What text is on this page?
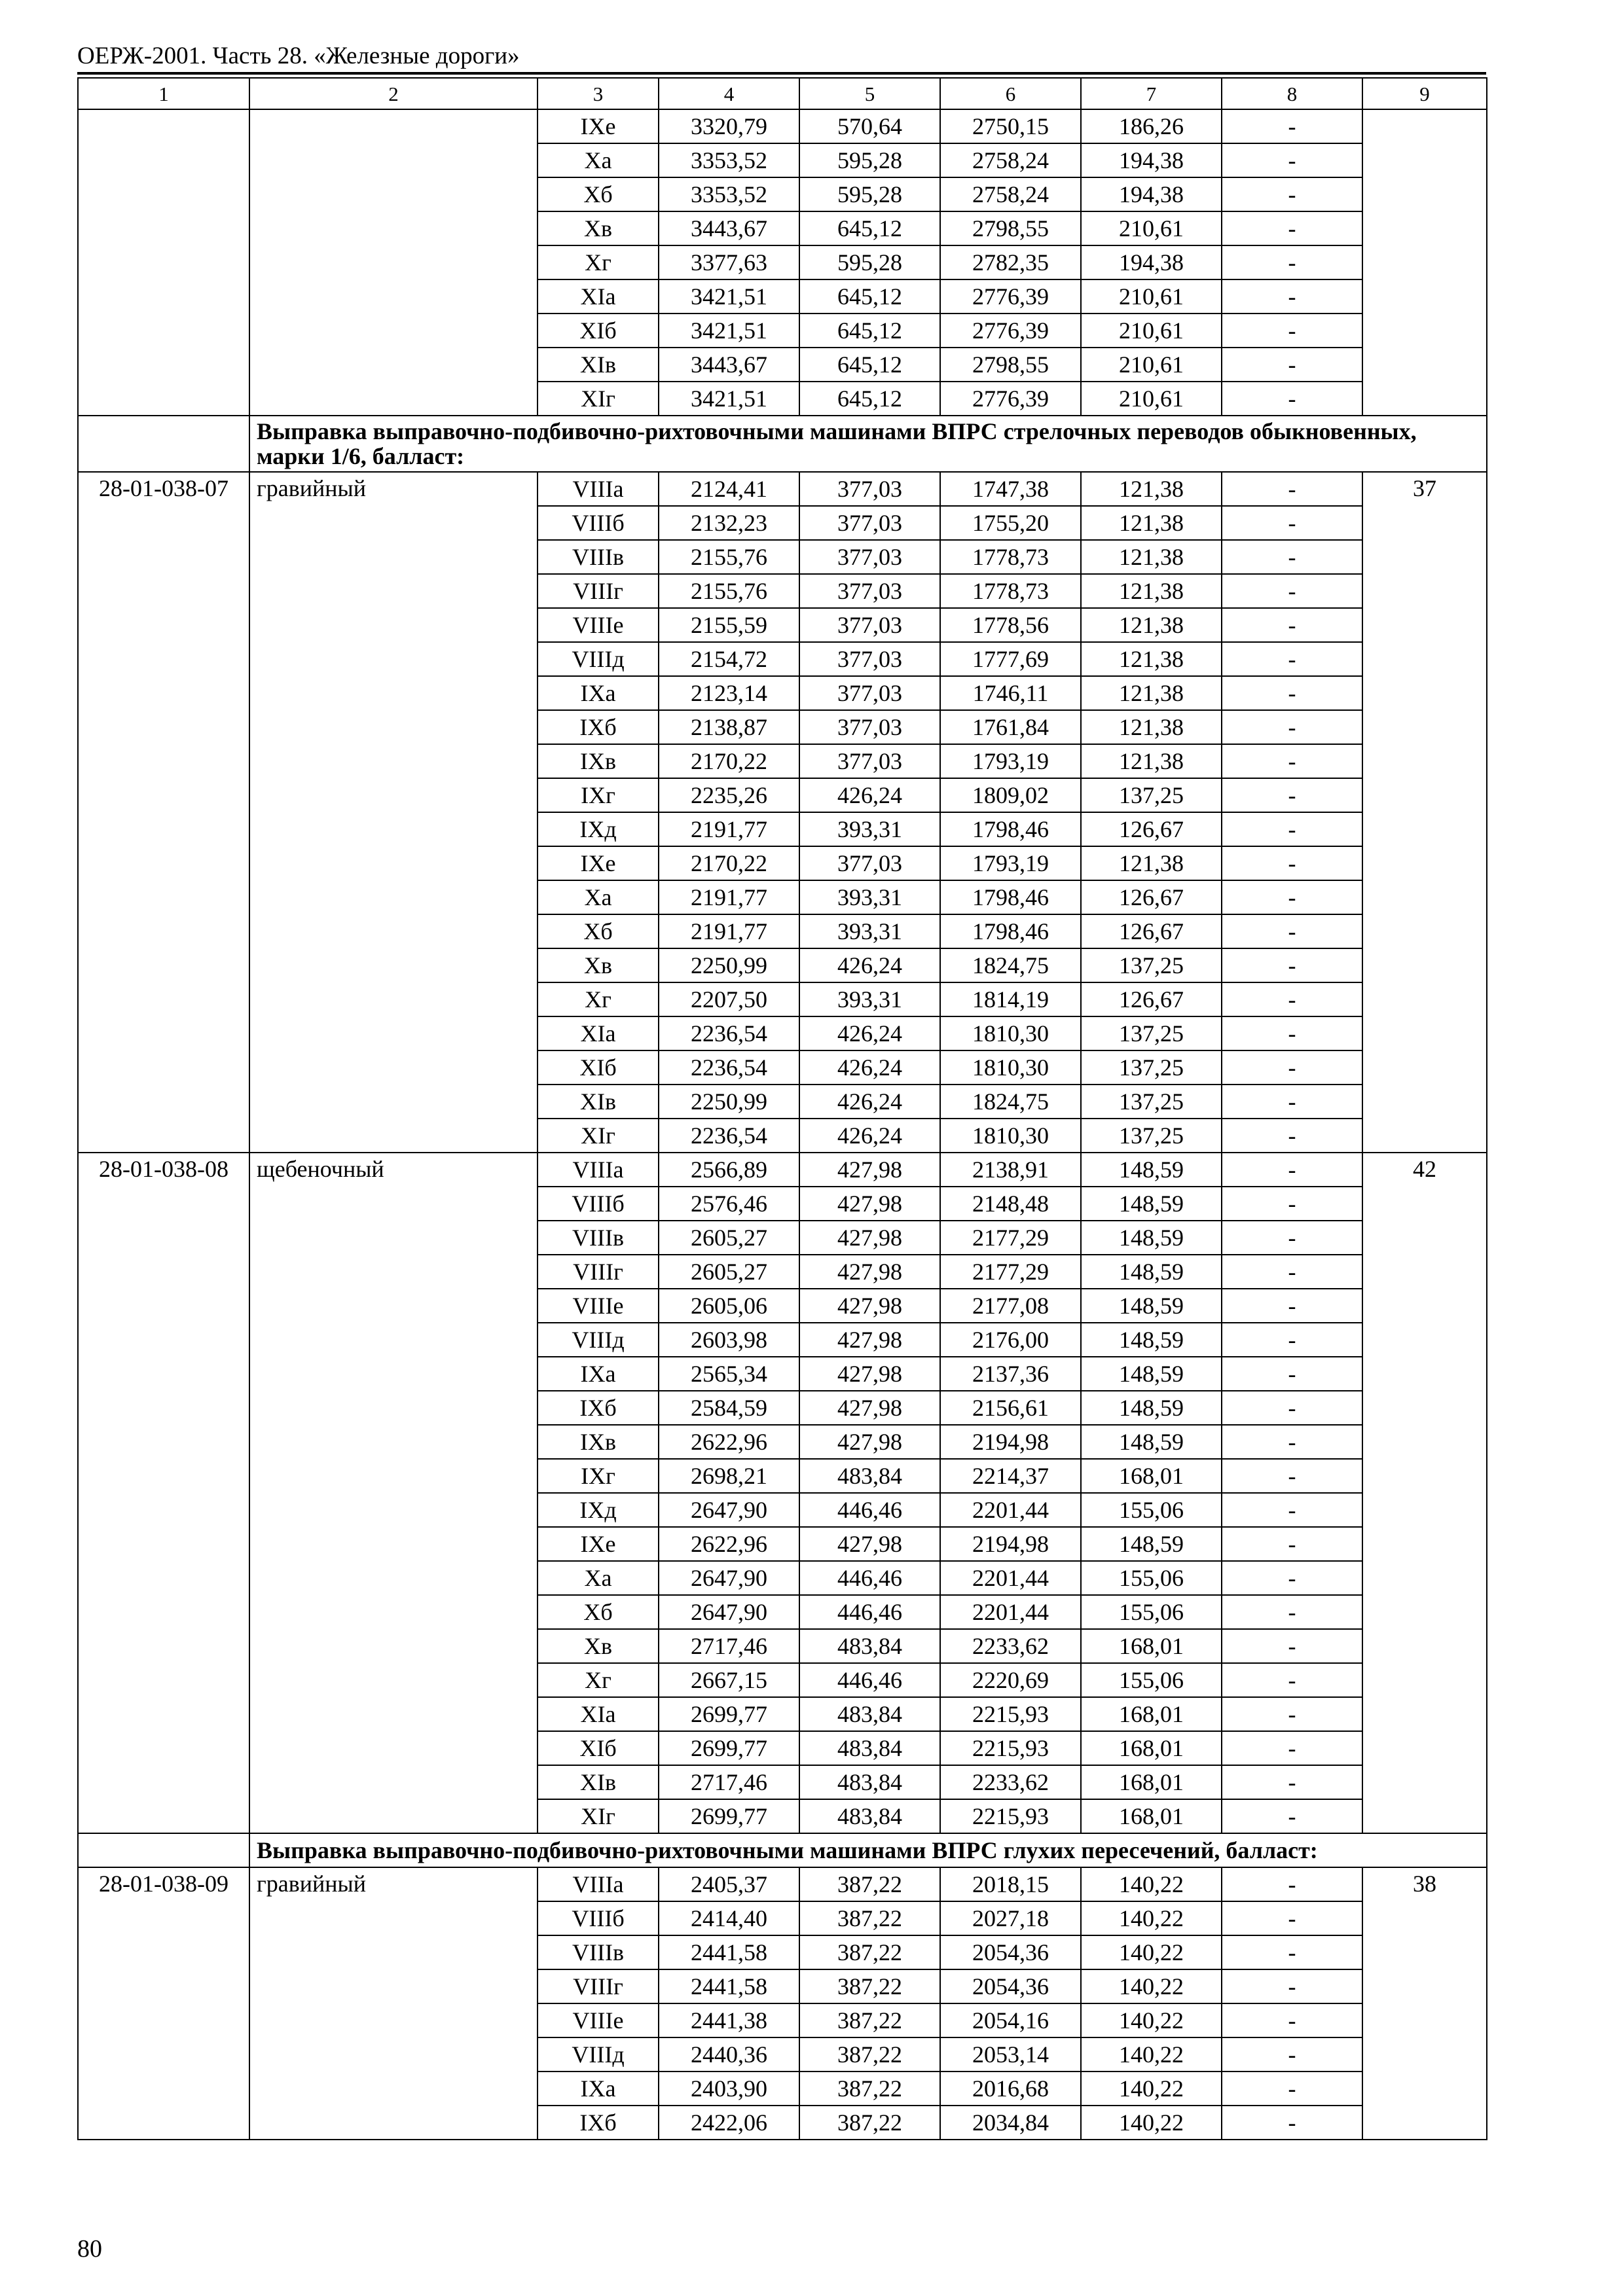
ОЕРЖ-2001. Часть 28. «Железные дороги»
1	2	3	4	5	6	7	8	9
		IXе	3320,79	570,64	2750,15	186,26	-	
		Xа	3353,52	595,28	2758,24	194,38	-	
		Xб	3353,52	595,28	2758,24	194,38	-	
		Xв	3443,67	645,12	2798,55	210,61	-	
		Xг	3377,63	595,28	2782,35	194,38	-	
		XIа	3421,51	645,12	2776,39	210,61	-	
		XIб	3421,51	645,12	2776,39	210,61	-	
		XIв	3443,67	645,12	2798,55	210,61	-	
		XIг	3421,51	645,12	2776,39	210,61	-	
	Выправка выправочно-подбивочно-рихтовочными машинами ВПРС стрелочных переводов обыкновенных, марки 1/6, балласт:							
28-01-038-07	гравийный	VIIIа	2124,41	377,03	1747,38	121,38	-	37
		VIIIб	2132,23	377,03	1755,20	121,38	-	
		VIIIв	2155,76	377,03	1778,73	121,38	-	
		VIIIг	2155,76	377,03	1778,73	121,38	-	
		VIIIе	2155,59	377,03	1778,56	121,38	-	
		VIIIд	2154,72	377,03	1777,69	121,38	-	
		IXа	2123,14	377,03	1746,11	121,38	-	
		IXб	2138,87	377,03	1761,84	121,38	-	
		IXв	2170,22	377,03	1793,19	121,38	-	
		IXг	2235,26	426,24	1809,02	137,25	-	
		IXд	2191,77	393,31	1798,46	126,67	-	
		IXе	2170,22	377,03	1793,19	121,38	-	
		Xа	2191,77	393,31	1798,46	126,67	-	
		Xб	2191,77	393,31	1798,46	126,67	-	
		Xв	2250,99	426,24	1824,75	137,25	-	
		Xг	2207,50	393,31	1814,19	126,67	-	
		XIа	2236,54	426,24	1810,30	137,25	-	
		XIб	2236,54	426,24	1810,30	137,25	-	
		XIв	2250,99	426,24	1824,75	137,25	-	
		XIг	2236,54	426,24	1810,30	137,25	-	
28-01-038-08	щебеночный	VIIIа	2566,89	427,98	2138,91	148,59	-	42
		VIIIб	2576,46	427,98	2148,48	148,59	-	
		VIIIв	2605,27	427,98	2177,29	148,59	-	
		VIIIг	2605,27	427,98	2177,29	148,59	-	
		VIIIе	2605,06	427,98	2177,08	148,59	-	
		VIIIд	2603,98	427,98	2176,00	148,59	-	
		IXа	2565,34	427,98	2137,36	148,59	-	
		IXб	2584,59	427,98	2156,61	148,59	-	
		IXв	2622,96	427,98	2194,98	148,59	-	
		IXг	2698,21	483,84	2214,37	168,01	-	
		IXд	2647,90	446,46	2201,44	155,06	-	
		IXе	2622,96	427,98	2194,98	148,59	-	
		Xа	2647,90	446,46	2201,44	155,06	-	
		Xб	2647,90	446,46	2201,44	155,06	-	
		Xв	2717,46	483,84	2233,62	168,01	-	
		Xг	2667,15	446,46	2220,69	155,06	-	
		XIа	2699,77	483,84	2215,93	168,01	-	
		XIб	2699,77	483,84	2215,93	168,01	-	
		XIв	2717,46	483,84	2233,62	168,01	-	
		XIг	2699,77	483,84	2215,93	168,01	-	
	Выправка выправочно-подбивочно-рихтовочными машинами ВПРС глухих пересечений, балласт:							
28-01-038-09	гравийный	VIIIа	2405,37	387,22	2018,15	140,22	-	38
		VIIIб	2414,40	387,22	2027,18	140,22	-	
		VIIIв	2441,58	387,22	2054,36	140,22	-	
		VIIIг	2441,58	387,22	2054,36	140,22	-	
		VIIIе	2441,38	387,22	2054,16	140,22	-	
		VIIIд	2440,36	387,22	2053,14	140,22	-	
		IXа	2403,90	387,22	2016,68	140,22	-	
		IXб	2422,06	387,22	2034,84	140,22	-	
80
